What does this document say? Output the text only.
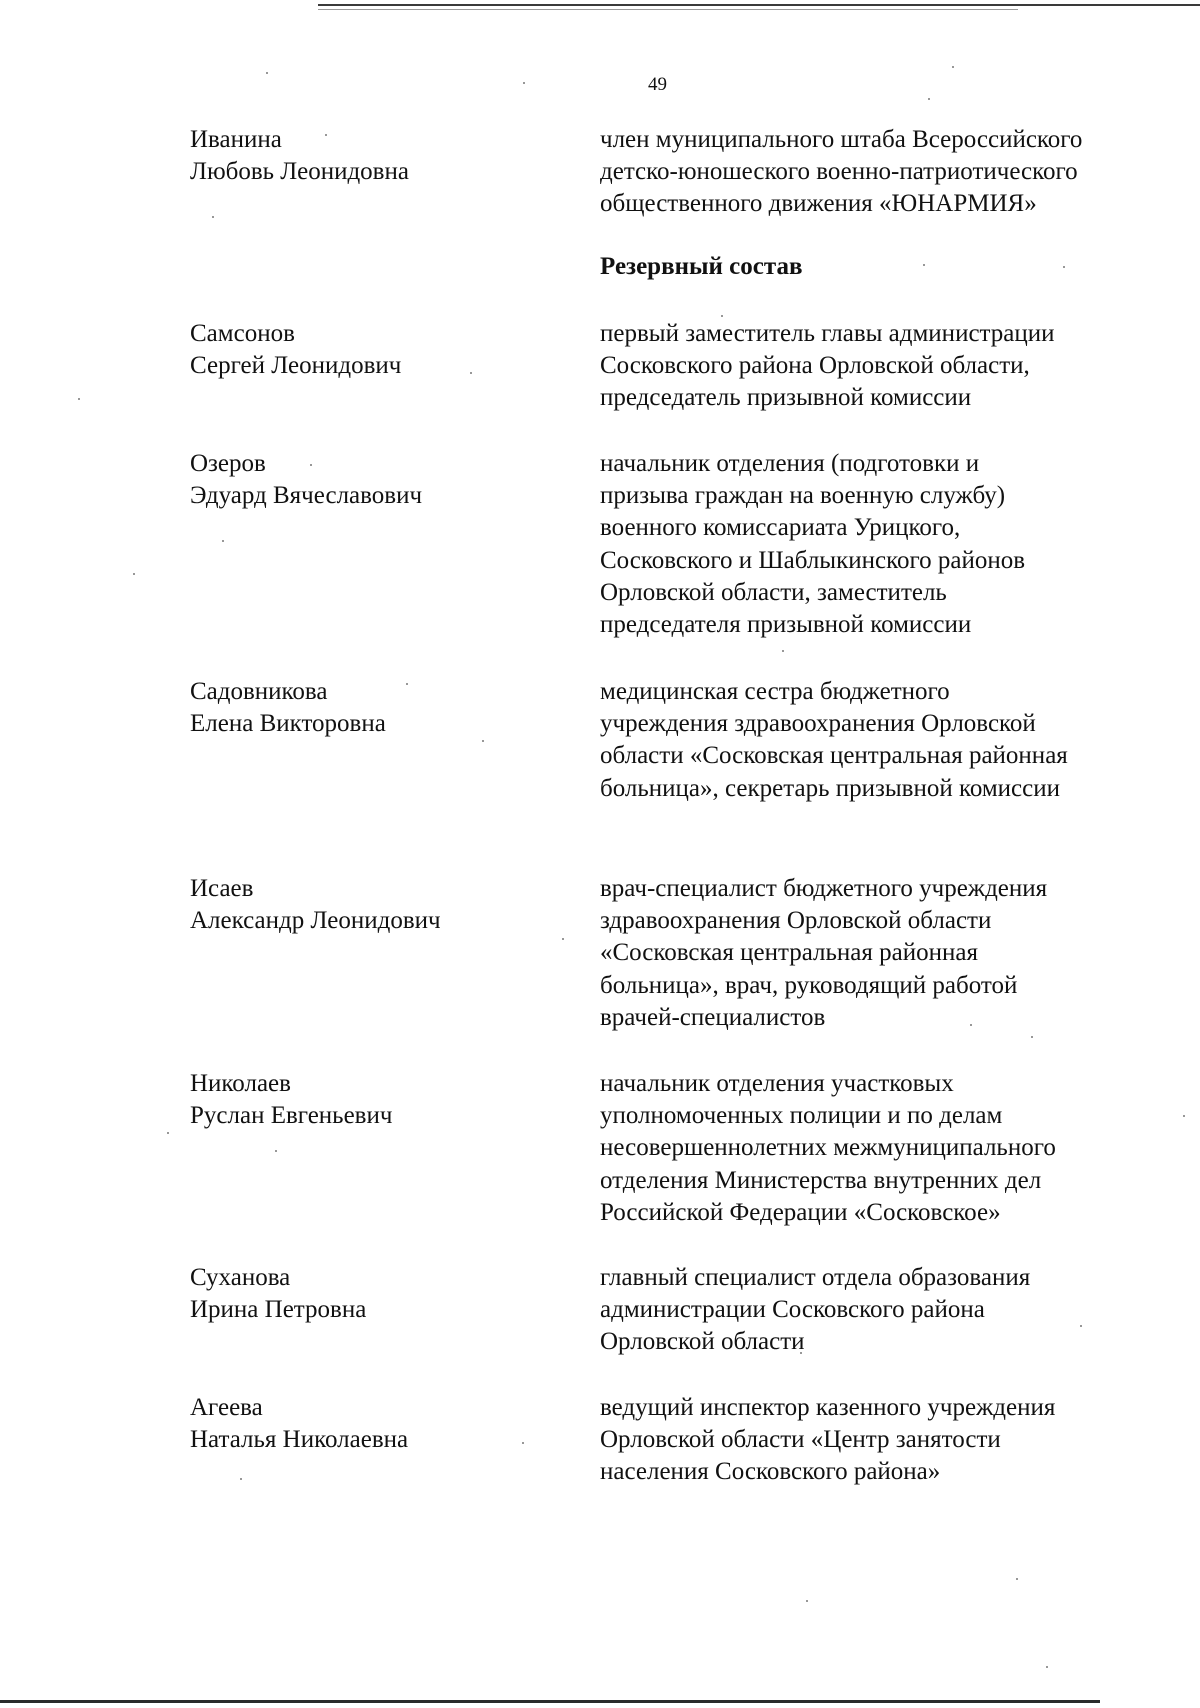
49
Иванина
Любовь Леонидовна
член муниципального штаба Всероссийского
детско-юношеского военно-патриотического
общественного движения «ЮНАРМИЯ»
Резервный состав
Самсонов
Сергей Леонидович
первый заместитель главы администрации
Сосковского района Орловской области,
председатель призывной комиссии
Озеров
Эдуард Вячеславович
начальник отделения (подготовки и
призыва граждан на военную службу)
военного комиссариата Урицкого,
Сосковского и Шаблыкинского районов
Орловской области, заместитель
председателя призывной комиссии
Садовникова
Елена Викторовна
медицинская сестра бюджетного
учреждения здравоохранения Орловской
области «Сосковская центральная районная
больница», секретарь призывной комиссии
Исаев
Александр Леонидович
врач-специалист бюджетного учреждения
здравоохранения Орловской области
«Сосковская центральная районная
больница», врач, руководящий работой
врачей-специалистов
Николаев
Руслан Евгеньевич
начальник отделения участковых
уполномоченных полиции и по делам
несовершеннолетних межмуниципального
отделения Министерства внутренних дел
Российской Федерации «Сосковское»
Суханова
Ирина Петровна
главный специалист отдела образования
администрации Сосковского района
Орловской области
Агеева
Наталья Николаевна
ведущий инспектор казенного учреждения
Орловской области «Центр занятости
населения Сосковского района»
